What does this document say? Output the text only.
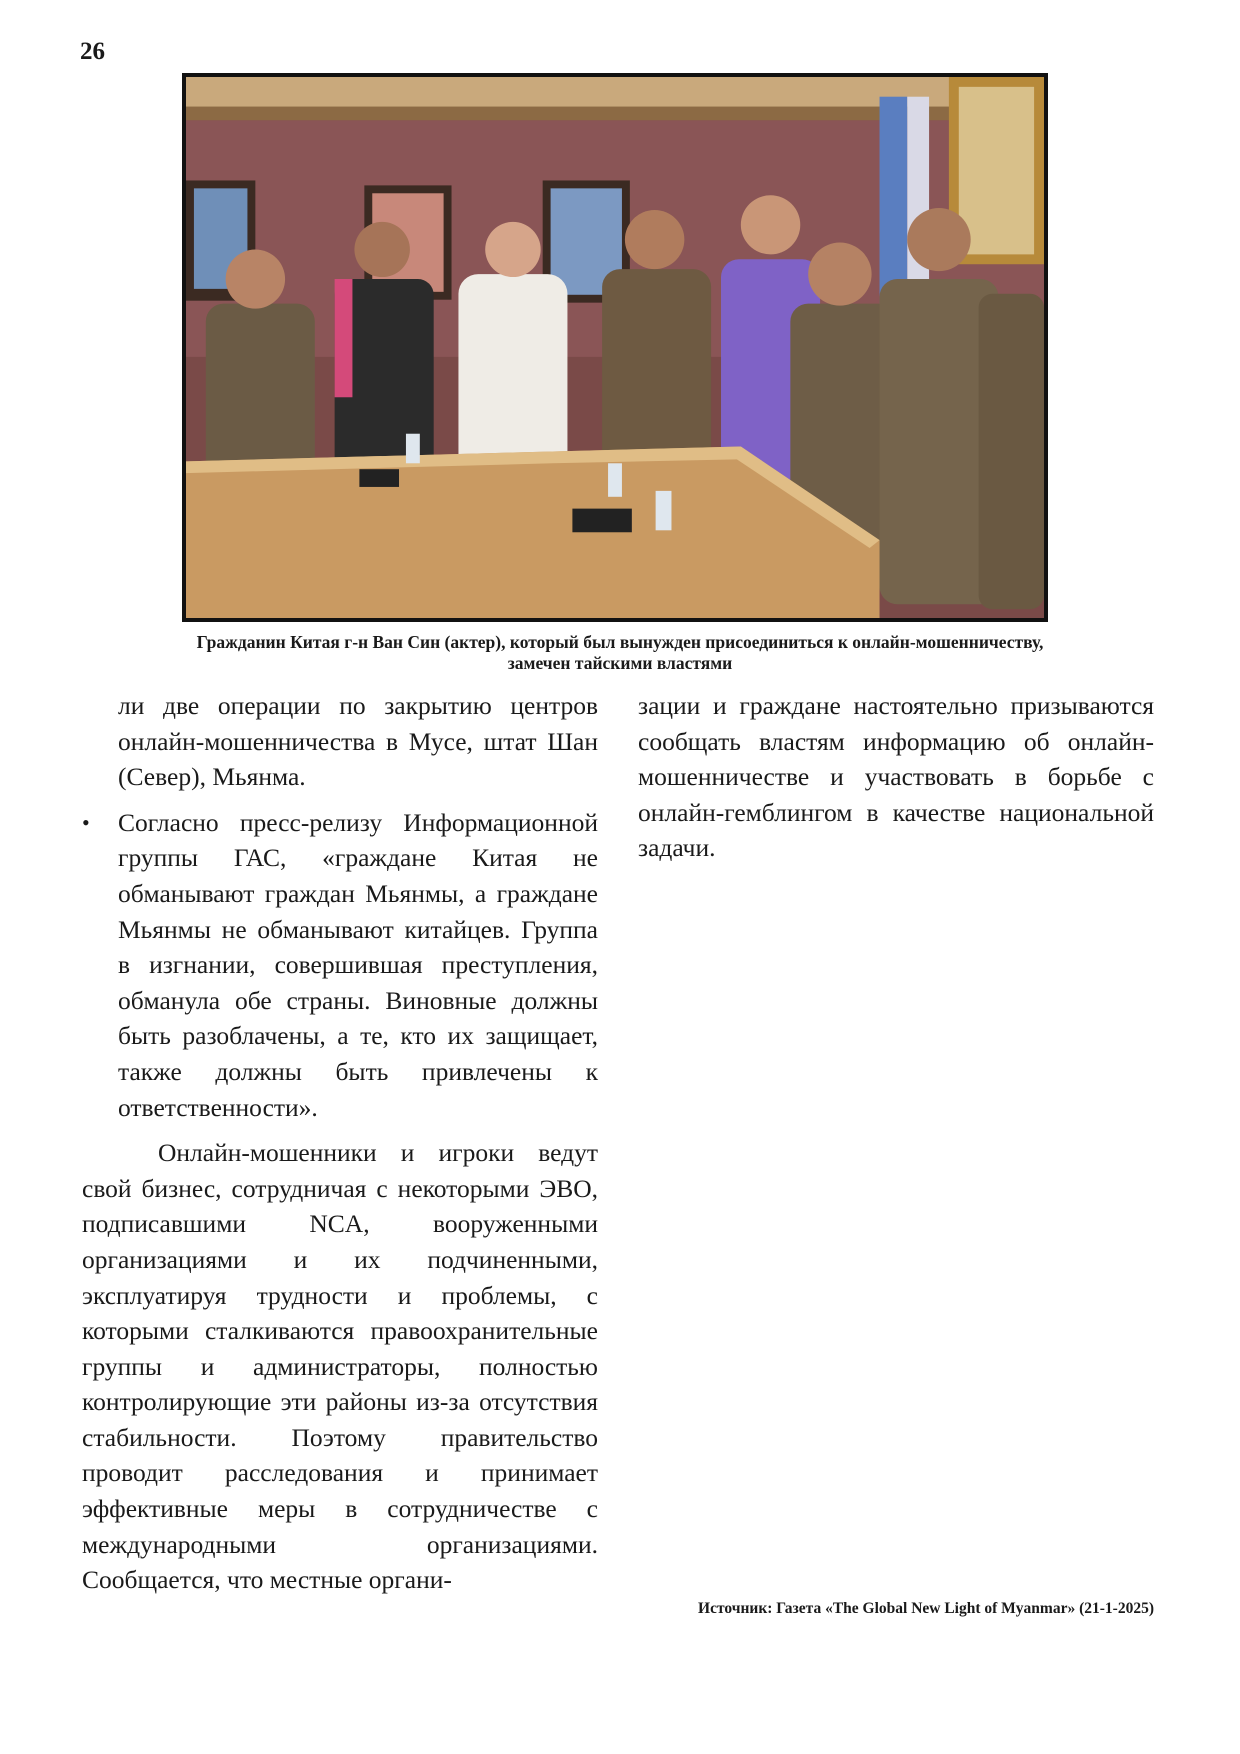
26
Гражданин Китая г-н Ван Син (актер), который был вынужден присоединиться к онлайн-мошенничеству,
замечен тайскими властями

ли две операции по закрытию центров онлайн-мошенничества в Мусе, штат Шан (Север), Мьянма.

• Согласно пресс-релизу Информационной группы ГАС, «граждане Китая не обманывают граждан Мьянмы, а граждане Мьянмы не обманывают китайцев. Группа в изгнании, совершившая преступления, обманула обе страны. Виновные должны быть разоблачены, а те, кто их защищает, также должны быть привлечены к ответственности».

Онлайн-мошенники и игроки ведут свой бизнес, сотрудничая с некоторыми ЭВО, подписавшими NCA, вооруженными организациями и их подчиненными, эксплуатируя трудности и проблемы, с которыми сталкиваются правоохранительные группы и администраторы, полностью контролирующие эти районы из-за отсутствия стабильности. Поэтому правительство проводит расследования и принимает эффективные меры в сотрудничестве с международными организациями. Сообщается, что местные органи-

зации и граждане настоятельно призываются сообщать властям информацию об онлайн-мошенничестве и участвовать в борьбе с онлайн-гемблингом в качестве национальной задачи.

Источник: Газета «The Global New Light of Myanmar» (21-1-2025)
